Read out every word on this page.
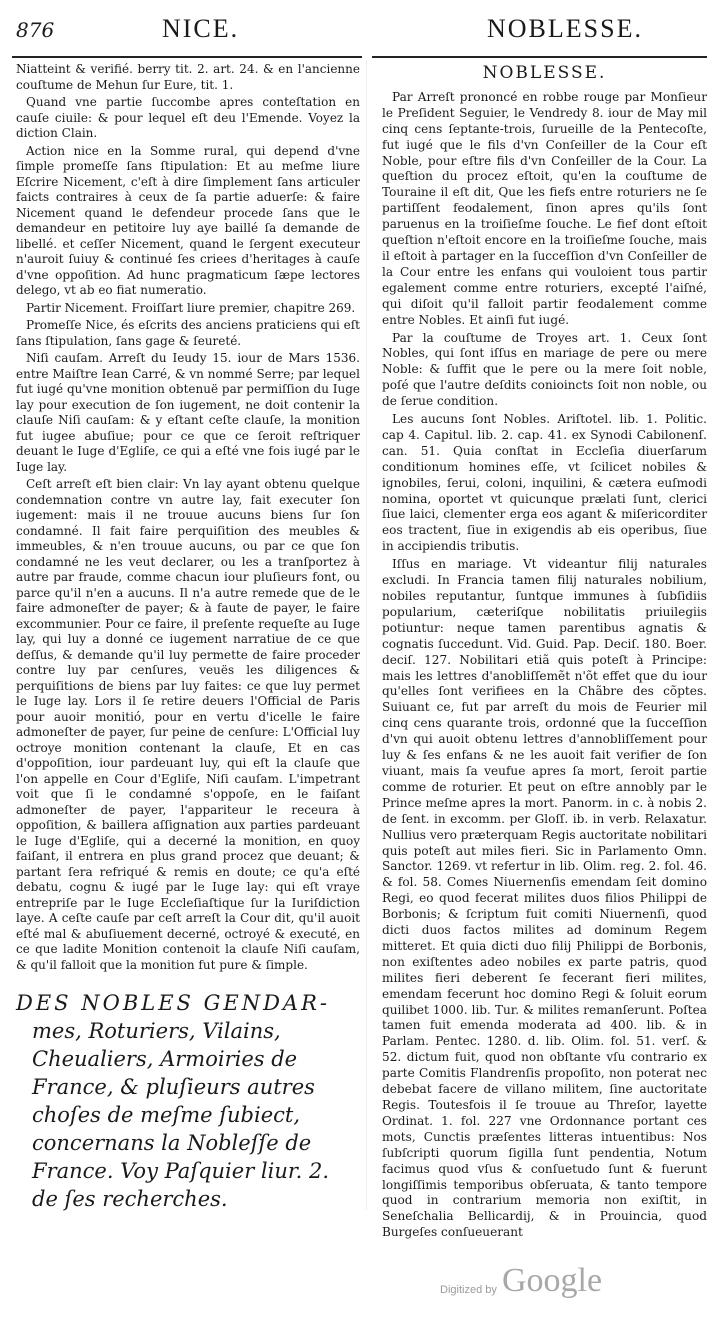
876	NICE.	NOBLESSE.

Niatteint & verifié. berry tit. 2. art. 24. & en l'ancienne couſtume de Mehun ſur Eure, tit. 1.

Quand vne partie ſuccombe apres conteſtation en cauſe ciuile: & pour lequel eſt deu l'Emende. Voyez la diction Clain.

Action nice en la Somme rural, qui depend d'vne ſimple promeſſe ſans ſtipulation: Et au meſme liure Eſcrire Nicement, c'eſt à dire ſimplement ſans articuler faicts contraires à ceux de ſa partie aduerſe: & faire Nicement quand le defendeur procede ſans que le demandeur en petitoire luy aye baillé ſa demande de libellé. et ceſſer Nicement, quand le ſergent executeur n'auroit ſuiuy & continué ſes criees d'heritages à cauſe d'vne oppoſition. Ad hunc pragmaticum ſæpe lectores delego, vt ab eo fiat numeratio.

Partir Nicement. Froiſſart liure premier, chapitre 269.

Promeſſe Nice, és eſcrits des anciens praticiens qui eſt ſans ſtipulation, ſans gage & ſeureté.

Niſi cauſam. Arreſt du Ieudy 15. iour de Mars 1536. entre Maiſtre Iean Carré, & vn nommé Serre; par lequel fut iugé qu'vne monition obtenuë par permiſſion du Iuge lay pour execution de ſon iugement, ne doit contenir la clauſe Niſi cauſam: & y eſtant ceſte clauſe, la monition fut iugee abuſiue; pour ce que ce ſeroit reſtriquer deuant le Iuge d'Egliſe, ce qui a eſté vne fois iugé par le Iuge lay.

Ceſt arreſt eſt bien clair: Vn lay ayant obtenu quelque condemnation contre vn autre lay, fait executer ſon iugement: mais il ne trouue aucuns biens ſur ſon condamné. Il fait faire perquiſition des meubles & immeubles, & n'en trouue aucuns, ou par ce que ſon condamné ne les veut declarer, ou les a tranſportez à autre par fraude, comme chacun iour pluſieurs font, ou parce qu'il n'en a aucuns. Il n'a autre remede que de le faire admoneſter de payer; & à faute de payer, le faire excommunier. Pour ce faire, il preſente requeſte au Iuge lay, qui luy a donné ce iugement narratiue de ce que deſſus, & demande qu'il luy permette de faire proceder contre luy par cenſures, veuës les diligences & perquiſitions de biens par luy faites: ce que luy permet le Iuge lay. Lors il ſe retire deuers l'Official de Paris pour auoir monitió, pour en vertu d'icelle le faire admoneſter de payer, ſur peine de cenſure: L'Official luy octroye monition contenant la clauſe, Et en cas d'oppoſition, iour pardeuant luy, qui eſt la clauſe que l'on appelle en Cour d'Egliſe, Niſi cauſam. L'impetrant voit que ſi le condamné s'oppoſe, en le faiſant admoneſter de payer, l'appariteur le receura à oppoſition, & baillera aſſignation aux parties pardeuant le Iuge d'Egliſe, qui a decerné la monition, en quoy faiſant, il entrera en plus grand procez que deuant; & partant ſera refriqué & remis en doute; ce qu'a eſté debatu, cognu & iugé par le Iuge lay: qui eſt vraye entrepriſe par le Iuge Eccleſiaſtique ſur la Iuriſdiction laye. A ceſte cauſe par ceſt arreſt la Cour dit, qu'il auoit eſté mal & abuſiuement decerné, octroyé & executé, en ce que ladite Monition contenoit la clauſe Niſi cauſam, & qu'il falloit que la monition fut pure & ſimple.

DES NOBLES GENDAR-
mes, Roturiers, Vilains, Cheualiers, Armoiries de France, & pluſieurs autres choſes de meſme ſubiect, concernans la Nobleſſe de France. Voy Paſquier liur. 2. de ſes recherches.
NOBLESSE.

Par Arreſt prononcé en robbe rouge par Monſieur le Preſident Seguier, le Vendredy 8. iour de May mil cinq cens ſeptante-trois, ſurueille de la Pentecoſte, fut iugé que le fils d'vn Conſeiller de la Cour eſt Noble, pour eſtre fils d'vn Conſeiller de la Cour. La queſtion du procez eſtoit, qu'en la couſtume de Touraine il eſt dit, Que les fiefs entre roturiers ne ſe partiſſent feodalement, ſinon apres qu'ils ſont paruenus en la troiſieſme ſouche. Le fief dont eſtoit queſtion n'eſtoit encore en la troiſieſme ſouche, mais il eſtoit à partager en la ſucceſſion d'vn Conſeiller de la Cour entre les enfans qui vouloient tous partir egalement comme entre roturiers, excepté l'aiſné, qui diſoit qu'il falloit partir feodalement comme entre Nobles. Et ainſi fut iugé.

Par la couſtume de Troyes art. 1. Ceux ſont Nobles, qui ſont iſſus en mariage de pere ou mere Noble: & ſuffit que le pere ou la mere ſoit noble, poſé que l'autre deſdits conioincts ſoit non noble, ou de ſerue condition.

Les aucuns ſont Nobles. Ariſtotel. lib. 1. Politic. cap 4. Capitul. lib. 2. cap. 41. ex Synodi Cabilonenſ. can. 51. Quia conſtat in Eccleſia diuerſarum conditionum homines eſſe, vt ſcilicet nobiles & ignobiles, ſerui, coloni, inquilini, & cætera euſmodi nomina, oportet vt quicunque prælati ſunt, clerici ſiue laici, clementer erga eos agant & miſericorditer eos tractent, ſiue in exigendis ab eis operibus, ſiue in accipiendis tributis.

Iſſus en mariage. Vt videantur filij naturales excludi. In Francia tamen filij naturales nobilium, nobiles reputantur, ſuntque immunes à ſubſidiis popularium, cæteriſque nobilitatis priuilegiis potiuntur: neque tamen parentibus agnatis & cognatis ſuccedunt. Vid. Guid. Pap. Deciſ. 180. Boer. deciſ. 127. Nobilitari etiã quis poteſt à Principe: mais les lettres d'anobliſſemẽt n'õt effet que du iour qu'elles ſont verifiees en la Chãbre des cõptes. Suiuant ce, fut par arreſt du mois de Feurier mil cinq cens quarante trois, ordonné que la ſucceſſion d'vn qui auoit obtenu lettres d'annobliſſement pour luy & ſes enfans & ne les auoit fait verifier de ſon viuant, mais ſa veufue apres ſa mort, ſeroit partie comme de roturier. Et peut on eſtre annobly par le Prince meſme apres la mort. Panorm. in c. à nobis 2. de ſent. in excomm. per Gloſſ. ib. in verb. Relaxatur. Nullius vero præterquam Regis auctoritate nobilitari quis poteſt aut miles fieri. Sic in Parlamento Omn. Sanctor. 1269. vt refertur in lib. Olim. reg. 2. fol. 46. & fol. 58. Comes Niuernenſis emendam ſeit domino Regi, eo quod fecerat milites duos filios Philippi de Borbonis; & ſcriptum fuit comiti Niuernenſi, quod dicti duos factos milites ad dominum Regem mitteret. Et quia dicti duo filij Philippi de Borbonis, non exiſtentes adeo nobiles ex parte patris, quod milites fieri deberent ſe fecerant fieri milites, emendam fecerunt hoc domino Regi & ſoluit eorum quilibet 1000. lib. Tur. & milites remanſerunt. Poſtea tamen fuit emenda moderata ad 400. lib. & in Parlam. Pentec. 1280. d. lib. Olim. fol. 51. verſ. & 52. dictum fuit, quod non obſtante vſu contrario ex parte Comitis Flandrenſis propoſito, non poterat nec debebat facere de villano militem, ſine auctoritate Regis. Toutesfois il ſe trouue au Threſor, layette Ordinat. 1. fol. 227 vne Ordonnance portant ces mots, Cunctis præſentes litteras intuentibus: Nos ſubſcripti quorum ſigilla ſunt pendentia, Notum facimus quod vſus & conſuetudo ſunt & fuerunt longiſſimis temporibus obſeruata, & tanto tempore quod in contrarium memoria non exiſtit, in Seneſchalia Bellicardij, & in Prouincia, quod Burgeſes conſueuerant

Digitized by Google
